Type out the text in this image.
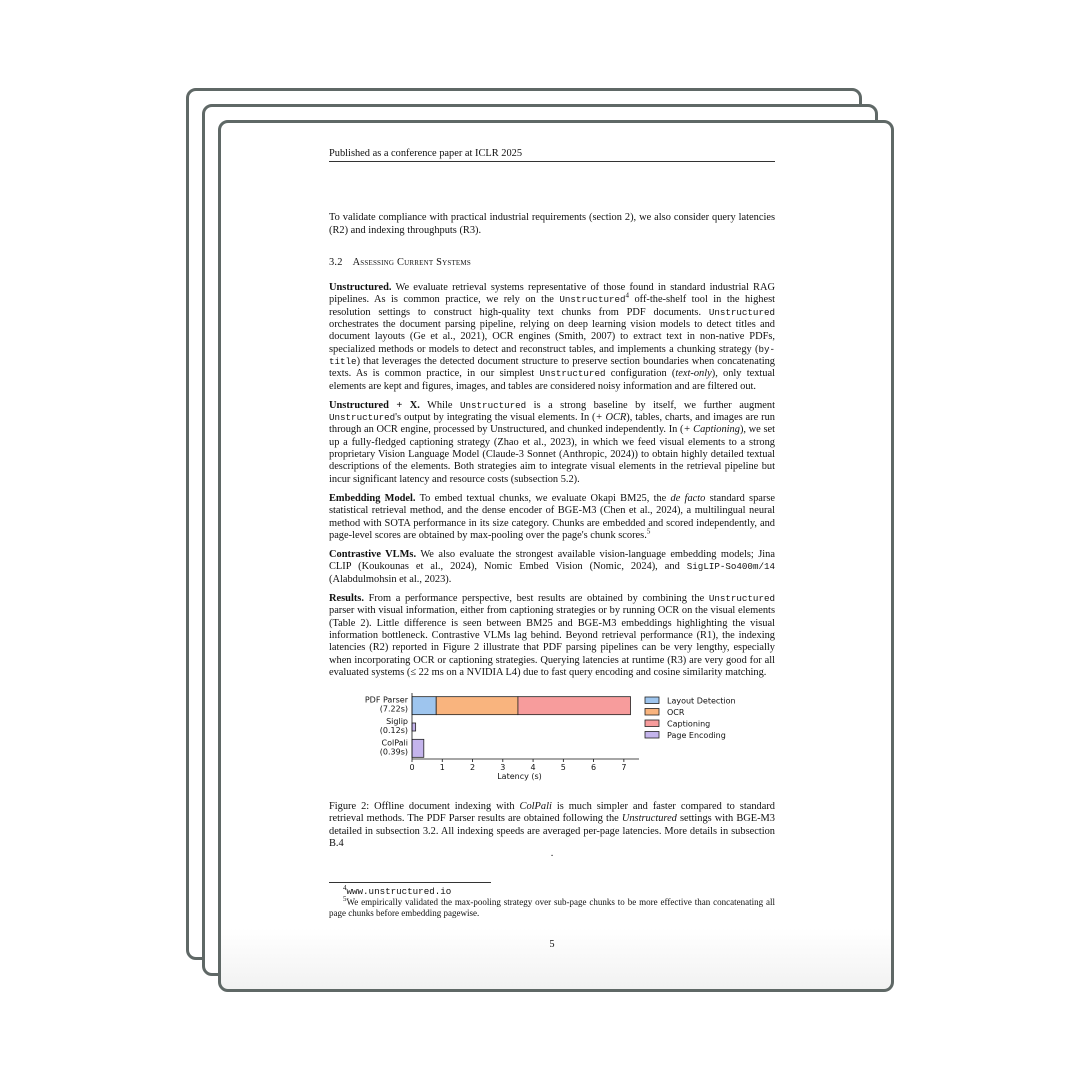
Published as a conference paper at ICLR 2025

To validate compliance with practical industrial requirements (section 2), we also consider query latencies (R2) and indexing throughputs (R3).

3.2 Assessing Current Systems

Unstructured. We evaluate retrieval systems representative of those found in standard industrial RAG pipelines. As is common practice, we rely on the Unstructured$^4$ off-the-shelf tool in the highest resolution settings to construct high-quality text chunks from PDF documents. Unstructured orchestrates the document parsing pipeline, relying on deep learning vision models to detect titles and document layouts (Ge et al., 2021), OCR engines (Smith, 2007) to extract text in non-native PDFs, specialized methods or models to detect and reconstruct tables, and implements a chunking strategy (by-title) that leverages the detected document structure to preserve section boundaries when concatenating texts. As is common practice, in our simplest Unstructured configuration (text-only), only textual elements are kept and figures, images, and tables are considered noisy information and are filtered out.

Unstructured + X. While Unstructured is a strong baseline by itself, we further augment Unstructured's output by integrating the visual elements. In (+ OCR), tables, charts, and images are run through an OCR engine, processed by Unstructured, and chunked independently. In (+ Captioning), we set up a fully-fledged captioning strategy (Zhao et al., 2023), in which we feed visual elements to a strong proprietary Vision Language Model (Claude-3 Sonnet (Anthropic, 2024)) to obtain highly detailed textual descriptions of the elements. Both strategies aim to integrate visual elements in the retrieval pipeline but incur significant latency and resource costs (subsection 5.2).

Embedding Model. To embed textual chunks, we evaluate Okapi BM25, the de facto standard sparse statistical retrieval method, and the dense encoder of BGE-M3 (Chen et al., 2024), a multilingual neural method with SOTA performance in its size category. Chunks are embedded and scored independently, and page-level scores are obtained by max-pooling over the page's chunk scores.$^5$

Contrastive VLMs. We also evaluate the strongest available vision-language embedding models; Jina CLIP (Koukounas et al., 2024), Nomic Embed Vision (Nomic, 2024), and SigLIP-So400m/14 (Alabdulmohsin et al., 2023).

Results. From a performance perspective, best results are obtained by combining the Unstructured parser with visual information, either from captioning strategies or by running OCR on the visual elements (Table 2). Little difference is seen between BM25 and BGE-M3 embeddings highlighting the visual information bottleneck. Contrastive VLMs lag behind. Beyond retrieval performance (R1), the indexing latencies (R2) reported in Figure 2 illustrate that PDF parsing pipelines can be very lengthy, especially when incorporating OCR or captioning strategies. Querying latencies at runtime (R3) are very good for all evaluated systems (≤ 22 ms on a NVIDIA L4) due to fast query encoding and cosine similarity matching.

PDF Parser
(7.22s)
Siglip
(0.12s)
ColPali
(0.39s)
0	1	2	3	4	5	6	7
Latency (s)
Layout Detection
OCR
Captioning
Page Encoding

Figure 2: Offline document indexing with ColPali is much simpler and faster compared to standard retrieval methods. The PDF Parser results are obtained following the Unstructured settings with BGE-M3 detailed in subsection 3.2. All indexing speeds are averaged per-page latencies. More details in subsection B.4

.
$^4$www.unstructured.io
$^5$We empirically validated the max-pooling strategy over sub-page chunks to be more effective than concatenating all page chunks before embedding pagewise.
5
